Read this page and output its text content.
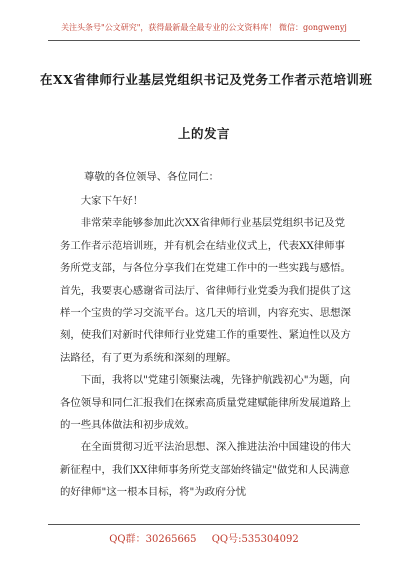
关注头条号"公文研究"，获得最新最全最专业的公文资料库！ 微信：gongwenyj
在XX省律师行业基层党组织书记及党务工作者示范培训班
上的发言
尊敬的各位领导、各位同仁：

大家下午好！

非常荣幸能够参加此次XX省律师行业基层党组织书记及党务工作者示范培训班，并有机会在结业仪式上，代表XX律师事务所党支部，与各位分享我们在党建工作中的一些实践与感悟。首先，我要衷心感谢省司法厅、省律师行业党委为我们提供了这样一个宝贵的学习交流平台。这几天的培训，内容充实、思想深刻，使我们对新时代律师行业党建工作的重要性、紧迫性以及方法路径，有了更为系统和深刻的理解。

下面，我将以"党建引领聚法魂，先锋护航践初心"为题，向各位领导和同仁汇报我们在探索高质量党建赋能律所发展道路上的一些具体做法和初步成效。

在全面贯彻习近平法治思想、深入推进法治中国建设的伟大新征程中，我们XX律师事务所党支部始终锚定"做党和人民满意的好律师"这一根本目标，将"为政府分忧

QQ群：30265665 QQ号:535304092
